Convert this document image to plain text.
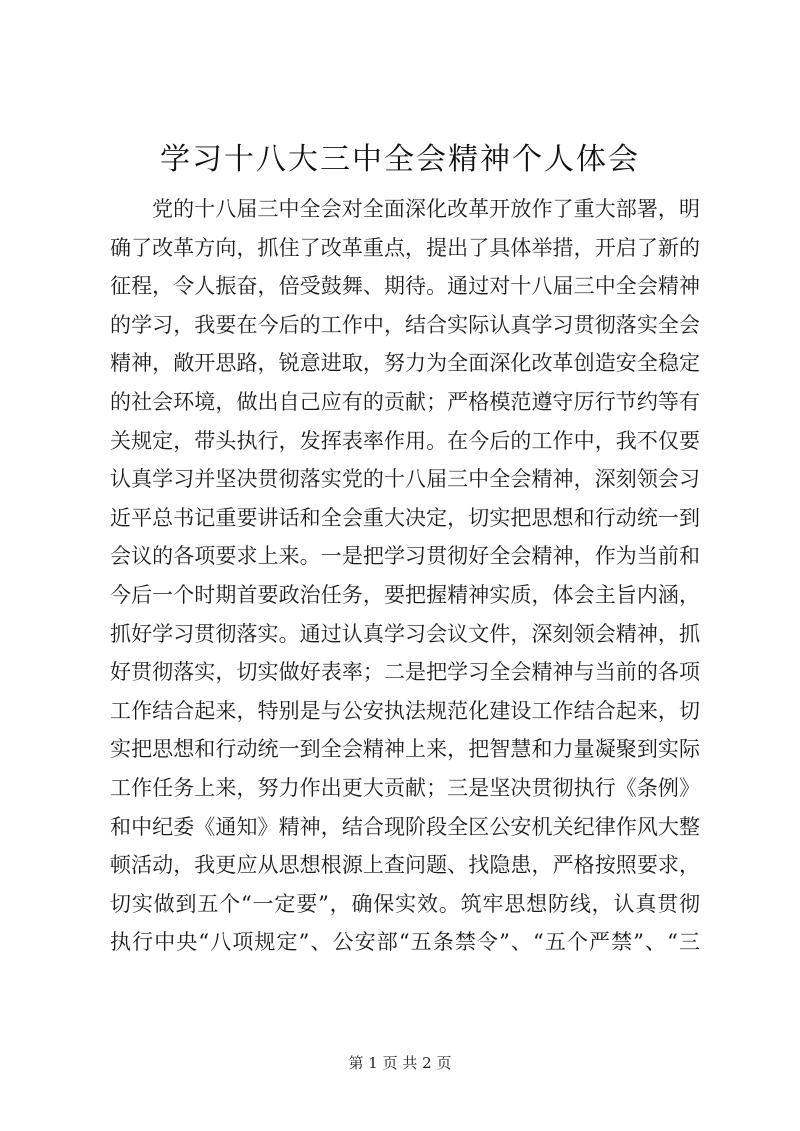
学习十八大三中全会精神个人体会
党的十八届三中全会对全面深化改革开放作了重大部署，明
确了改革方向，抓住了改革重点，提出了具体举措，开启了新的
征程，令人振奋，倍受鼓舞、期待。通过对十八届三中全会精神
的学习，我要在今后的工作中，结合实际认真学习贯彻落实全会
精神，敞开思路，锐意进取，努力为全面深化改革创造安全稳定
的社会环境，做出自己应有的贡献；严格模范遵守厉行节约等有
关规定，带头执行，发挥表率作用。在今后的工作中，我不仅要
认真学习并坚决贯彻落实党的十八届三中全会精神，深刻领会习
近平总书记重要讲话和全会重大决定，切实把思想和行动统一到
会议的各项要求上来。一是把学习贯彻好全会精神，作为当前和
今后一个时期首要政治任务，要把握精神实质，体会主旨内涵，
抓好学习贯彻落实。通过认真学习会议文件，深刻领会精神，抓
好贯彻落实，切实做好表率；二是把学习全会精神与当前的各项
工作结合起来，特别是与公安执法规范化建设工作结合起来，切
实把思想和行动统一到全会精神上来，把智慧和力量凝聚到实际
工作任务上来，努力作出更大贡献；三是坚决贯彻执行《条例》
和中纪委《通知》精神，结合现阶段全区公安机关纪律作风大整
顿活动，我更应从思想根源上查问题、找隐患，严格按照要求，
切实做到五个“一定要”，确保实效。筑牢思想防线，认真贯彻
执行中央“八项规定”、公安部“五条禁令”、“五个严禁”、“三
第 1 页 共 2 页
